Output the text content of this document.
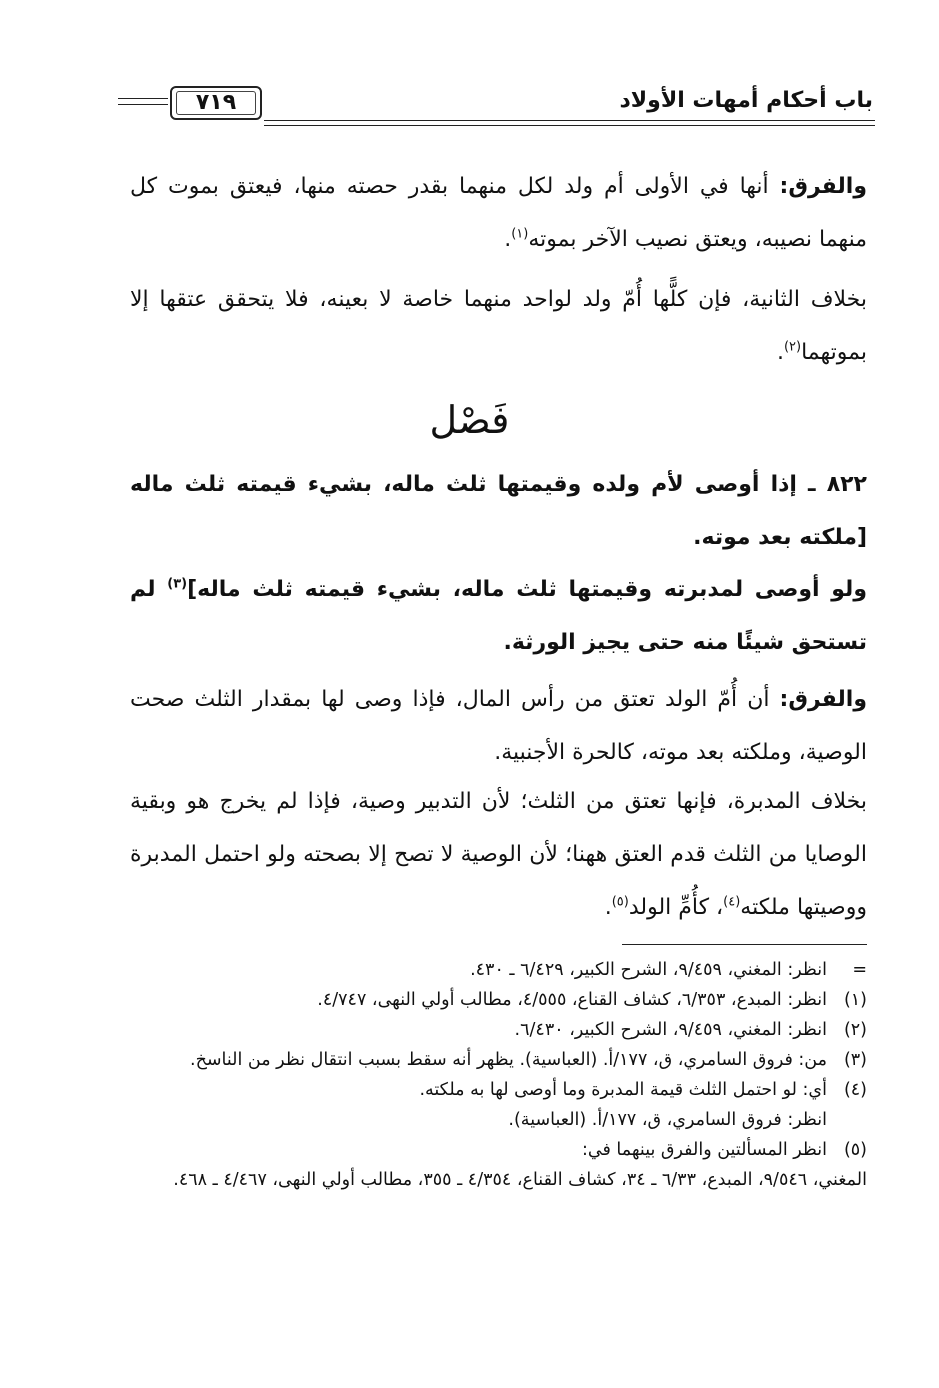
باب أحكام أمهات الأولاد
٧١٩
والفرق: أنها في الأولى أم ولد لكل منهما بقدر حصته منها، فيعتق بموت كل منهما نصيبه، ويعتق نصيب الآخر بموته$^{(١)}$.
بخلاف الثانية، فإن كلًّها أُمّ ولد لواحد منهما خاصة لا بعينه، فلا يتحقق عتقها إلا بموتهما$^{(٢)}$.
فَصْل
٨٢٢ ـ إذا أوصى لأم ولده وقيمتها ثلث ماله، بشيء قيمته ثلث ماله [ملكته بعد موته.
ولو أوصى لمدبرته وقيمتها ثلث ماله، بشيء قيمته ثلث ماله]$^{(٣)}$ لم تستحق شيئًا منه حتى يجيز الورثة.
والفرق: أن أُمّ الولد تعتق من رأس المال، فإذا وصى لها بمقدار الثلث صحت الوصية، وملكته بعد موته، كالحرة الأجنبية.
بخلاف المدبرة، فإنها تعتق من الثلث؛ لأن التدبير وصية، فإذا لم يخرج هو وبقية الوصايا من الثلث قدم العتق ههنا؛ لأن الوصية لا تصح إلا بصحته ولو احتمل المدبرة ووصيتها ملكته$^{(٤)}$، كأُمِّ الولد$^{(٥)}$.
=
انظر: المغني، ٩/٤٥٩، الشرح الكبير، ٦/٤٢٩ ـ ٤٣٠.
(١)
انظر: المبدع، ٦/٣٥٣، كشاف القناع، ٤/٥٥٥، مطالب أولي النهى، ٤/٧٤٧.
(٢)
انظر: المغني، ٩/٤٥٩، الشرح الكبير، ٦/٤٣٠.
(٣)
من: فروق السامري، ق، ١٧٧/أ. (العباسية). يظهر أنه سقط بسبب انتقال نظر من الناسخ.
(٤)
أي: لو احتمل الثلث قيمة المدبرة وما أوصى لها به ملكته.
انظر: فروق السامري، ق، ١٧٧/أ. (العباسية).
(٥)
انظر المسألتين والفرق بينهما في:
المغني، ٩/٥٤٦، المبدع، ٦/٣٣ ـ ٣٤، كشاف القناع، ٤/٣٥٤ ـ ٣٥٥، مطالب أولي النهى، ٤/٤٦٧ ـ ٤٦٨.
